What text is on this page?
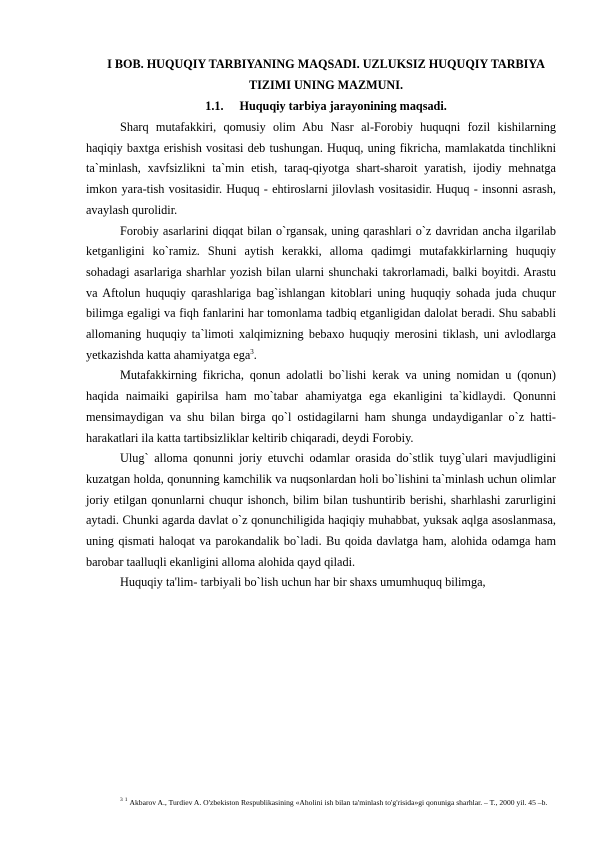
I BOB. HUQUQIY TARBIYANING MAQSADI. UZLUKSIZ HUQUQIY TARBIYA TIZIMI UNING MAZMUNI.
1.1. Huquqiy tarbiya jarayonining maqsadi.

Sharq mutafakkiri, qomusiy olim Abu Nasr al-Forobiy huquqni fozil kishilarning haqiqiy baxtga erishish vositasi deb tushungan. Huquq, uning fikricha, mamlakatda tinchlikni ta`minlash, xavfsizlikni ta`min etish, taraq-qiyotga shart-sharoit yaratish, ijodiy mehnatga imkon yara-tish vositasidir. Huquq - ehtiroslarni jilovlash vositasidir. Huquq - insonni asrash, avaylash qurolidir.

Forobiy asarlarini diqqat bilan o`rgansak, uning qarashlari o`z davridan ancha ilgarilab ketganligini ko`ramiz. Shuni aytish kerakki, alloma qadimgi mutafakkirlarning huquqiy sohadagi asarlariga sharhlar yozish bilan ularni shunchaki takrorlamadi, balki boyitdi. Arastu va Aftolun huquqiy qarashlariga bag`ishlangan kitoblari uning huquqiy sohada juda chuqur bilimga egaligi va fiqh fanlarini har tomonlama tadbiq etganligidan dalolat beradi. Shu sababli allomaning huquqiy ta`limoti xalqimizning bebaxo huquqiy merosini tiklash, uni avlodlarga yetkazishda katta ahamiyatga ega$^3$.

Mutafakkirning fikricha, qonun adolatli bo`lishi kerak va uning nomidan u (qonun) haqida naimaiki gapirilsa ham mo`tabar ahamiyatga ega ekanligini ta`kidlaydi. Qonunni mensimaydigan va shu bilan birga qo`l ostidagilarni ham shunga undaydiganlar o`z hatti-harakatlari ila katta tartibsizliklar keltirib chiqaradi, deydi Forobiy.

Ulug` alloma qonunni joriy etuvchi odamlar orasida do`stlik tuyg`ulari mavjudligini kuzatgan holda, qonunning kamchilik va nuqsonlardan holi bo`lishini ta`minlash uchun olimlar joriy etilgan qonunlarni chuqur ishonch, bilim bilan tushuntirib berishi, sharhlashi zarurligini aytadi. Chunki agarda davlat o`z qonunchiligida haqiqiy muhabbat, yuksak aqlga asoslanmasa, uning qismati haloqat va parokandalik bo`ladi. Bu qoida davlatga ham, alohida odamga ham barobar taalluqli ekanligini alloma alohida qayd qiladi.

Huquqiy ta'lim- tarbiyali bo`lish uchun har bir shaxs umumhuquq bilimga,

$^3$ $^1$ Akbarov A., Turdiev A. O'zbekiston Respublikasining «Aholini ish bilan ta'minlash to'g'risida»gi qonuniga sharhlar. – T., 2000 yil. 45 –b.
